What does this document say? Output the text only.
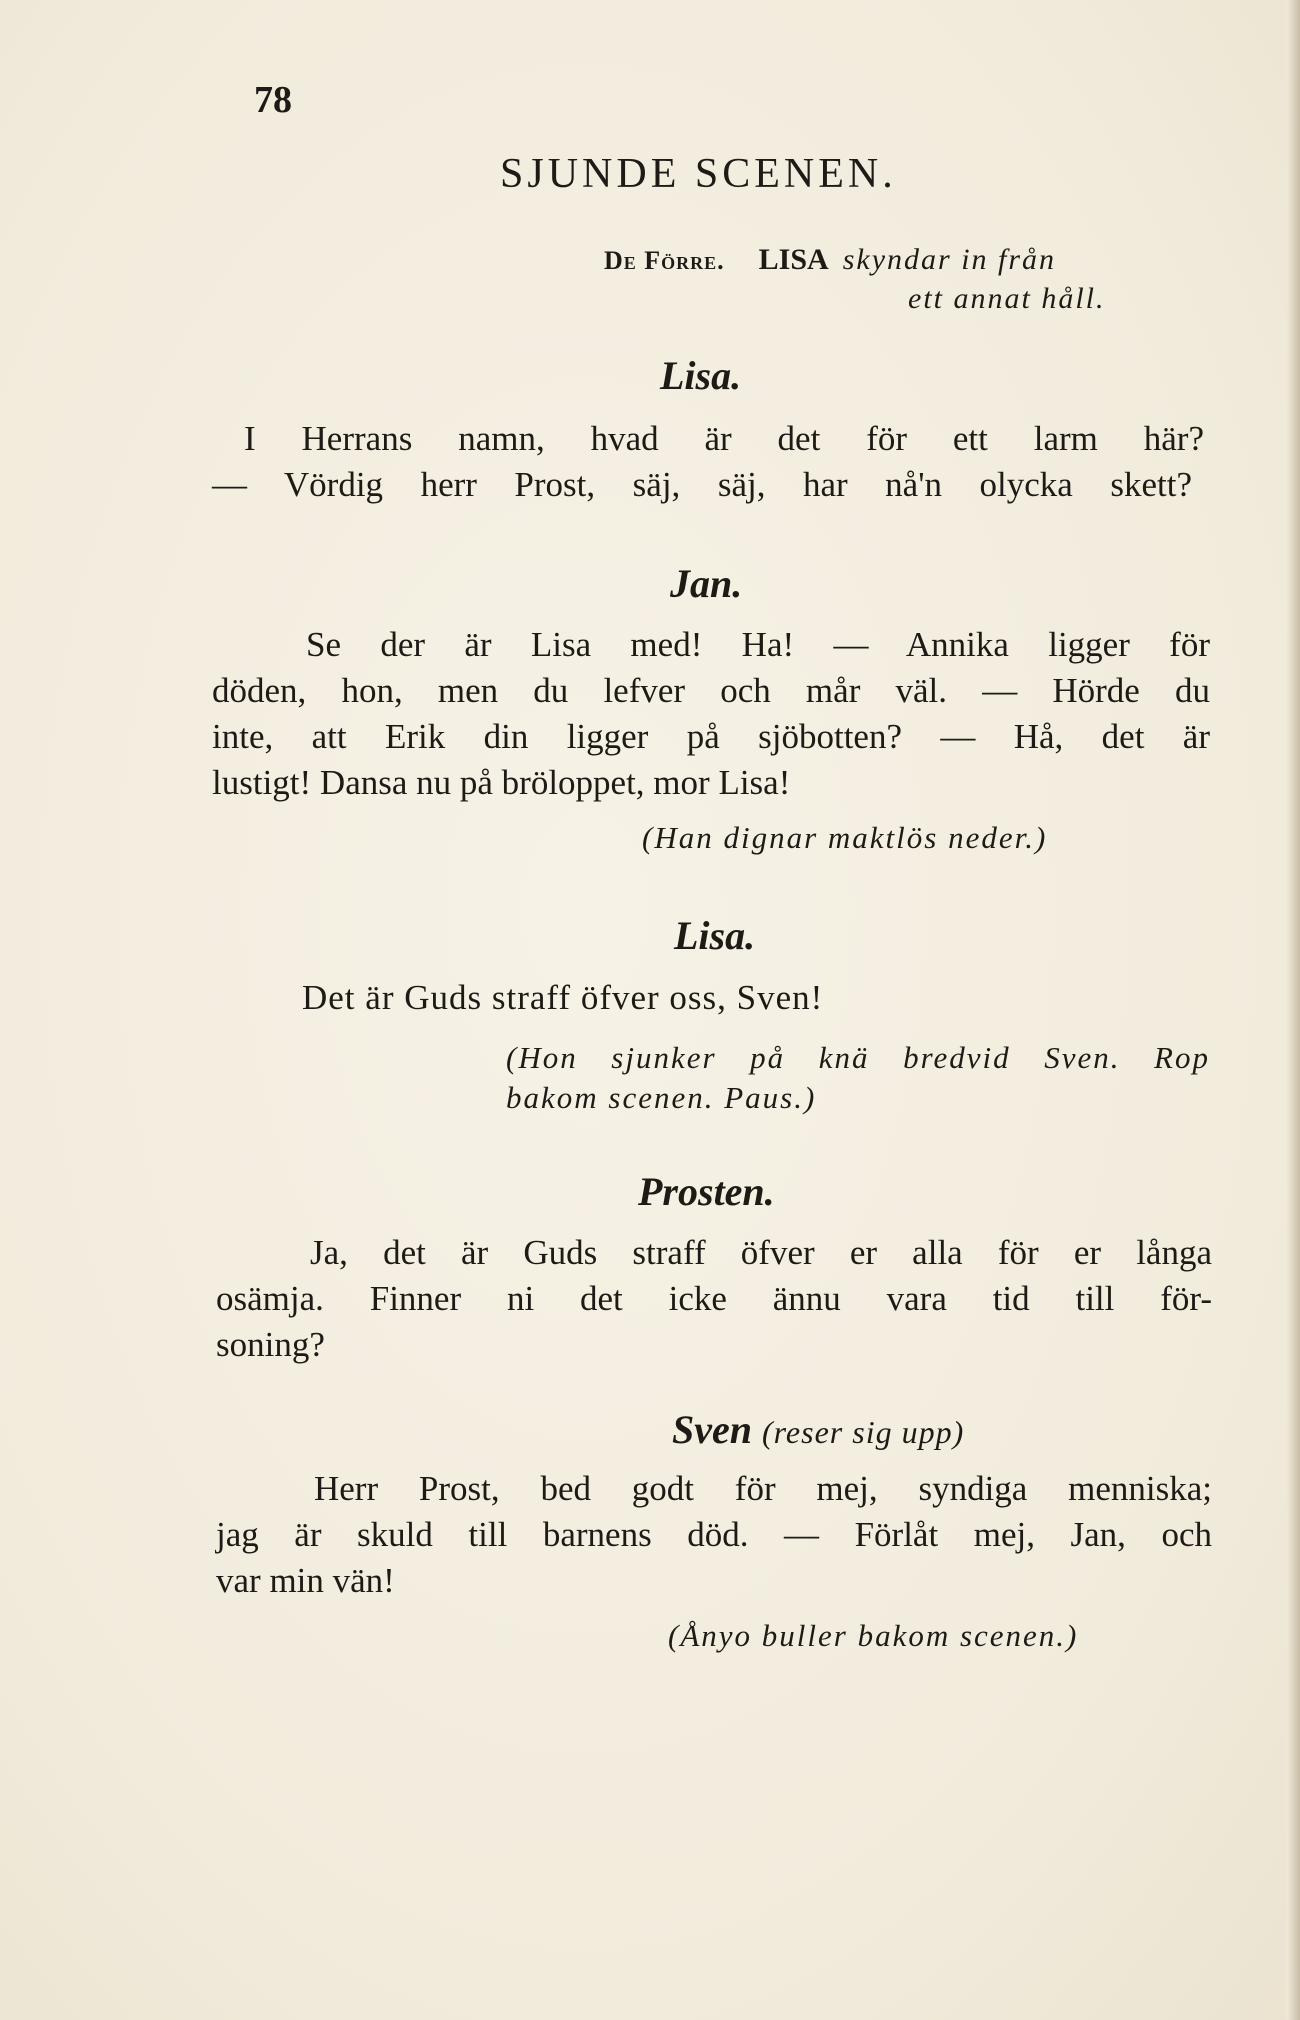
78
SJUNDE SCENEN.
De Förre. LISA skyndar in från
ett annat håll.
Lisa.
I Herrans namn, hvad är det för ett larm här?
— Vördig herr Prost, säj, säj, har nå'n olycka skett?
Jan.
Se der är Lisa med! Ha! — Annika ligger för
döden, hon, men du lefver och mår väl. — Hörde du
inte, att Erik din ligger på sjöbotten? — Hå, det är
lustigt! Dansa nu på bröloppet, mor Lisa!
(Han dignar maktlös neder.)
Lisa.
Det är Guds straff öfver oss, Sven!
(Hon sjunker på knä bredvid Sven. Rop
bakom scenen. Paus.)
Prosten.
Ja, det är Guds straff öfver er alla för er långa
osämja. Finner ni det icke ännu vara tid till för-
soning?
Sven (reser sig upp)
Herr Prost, bed godt för mej, syndiga menniska;
jag är skuld till barnens död. — Förlåt mej, Jan, och
var min vän!
(Ånyo buller bakom scenen.)
